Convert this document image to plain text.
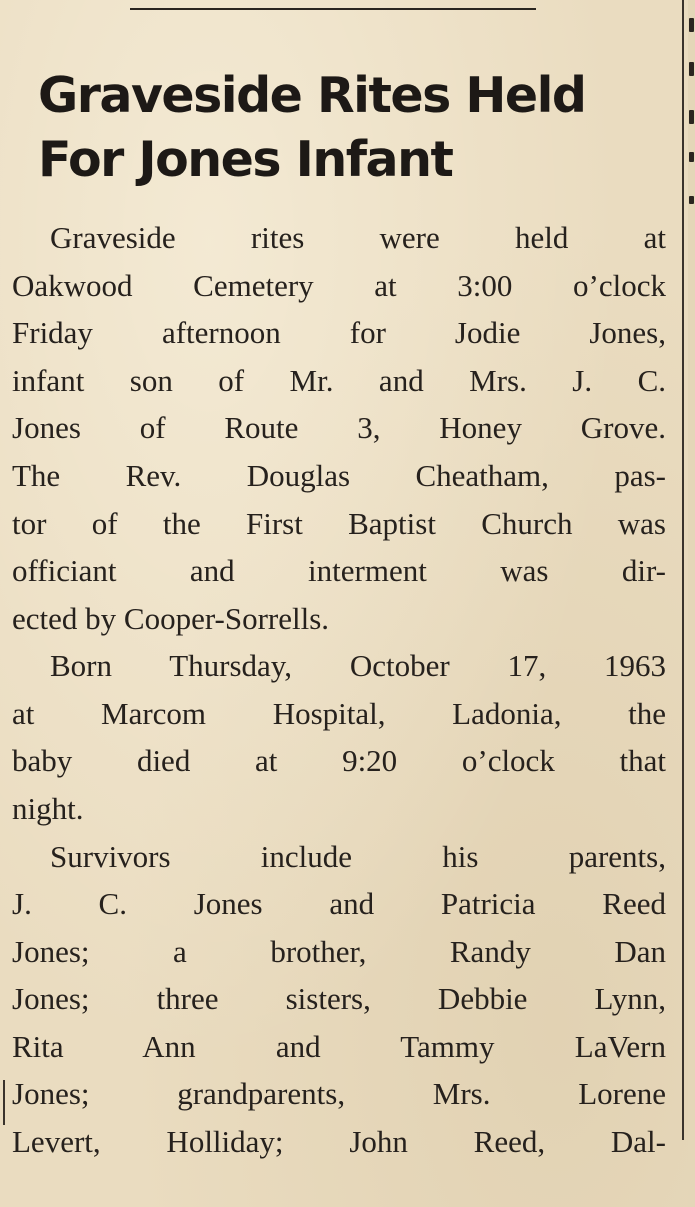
Graveside Rites Held
For Jones Infant
Graveside rites were held at
Oakwood Cemetery at 3:00 o’clock
Friday afternoon for Jodie Jones,
infant son of Mr. and Mrs. J. C.
Jones of Route 3, Honey Grove.
The Rev. Douglas Cheatham, pas-
tor of the First Baptist Church was
officiant and interment was dir-
ected by Cooper-Sorrells.
Born Thursday, October 17, 1963
at Marcom Hospital, Ladonia, the
baby died at 9:20 o’clock that
night.
Survivors include his parents,
J. C. Jones and Patricia Reed
Jones; a brother, Randy Dan
Jones; three sisters, Debbie Lynn,
Rita Ann and Tammy LaVern
Jones; grandparents, Mrs. Lorene
Levert, Holliday; John Reed, Dal-
